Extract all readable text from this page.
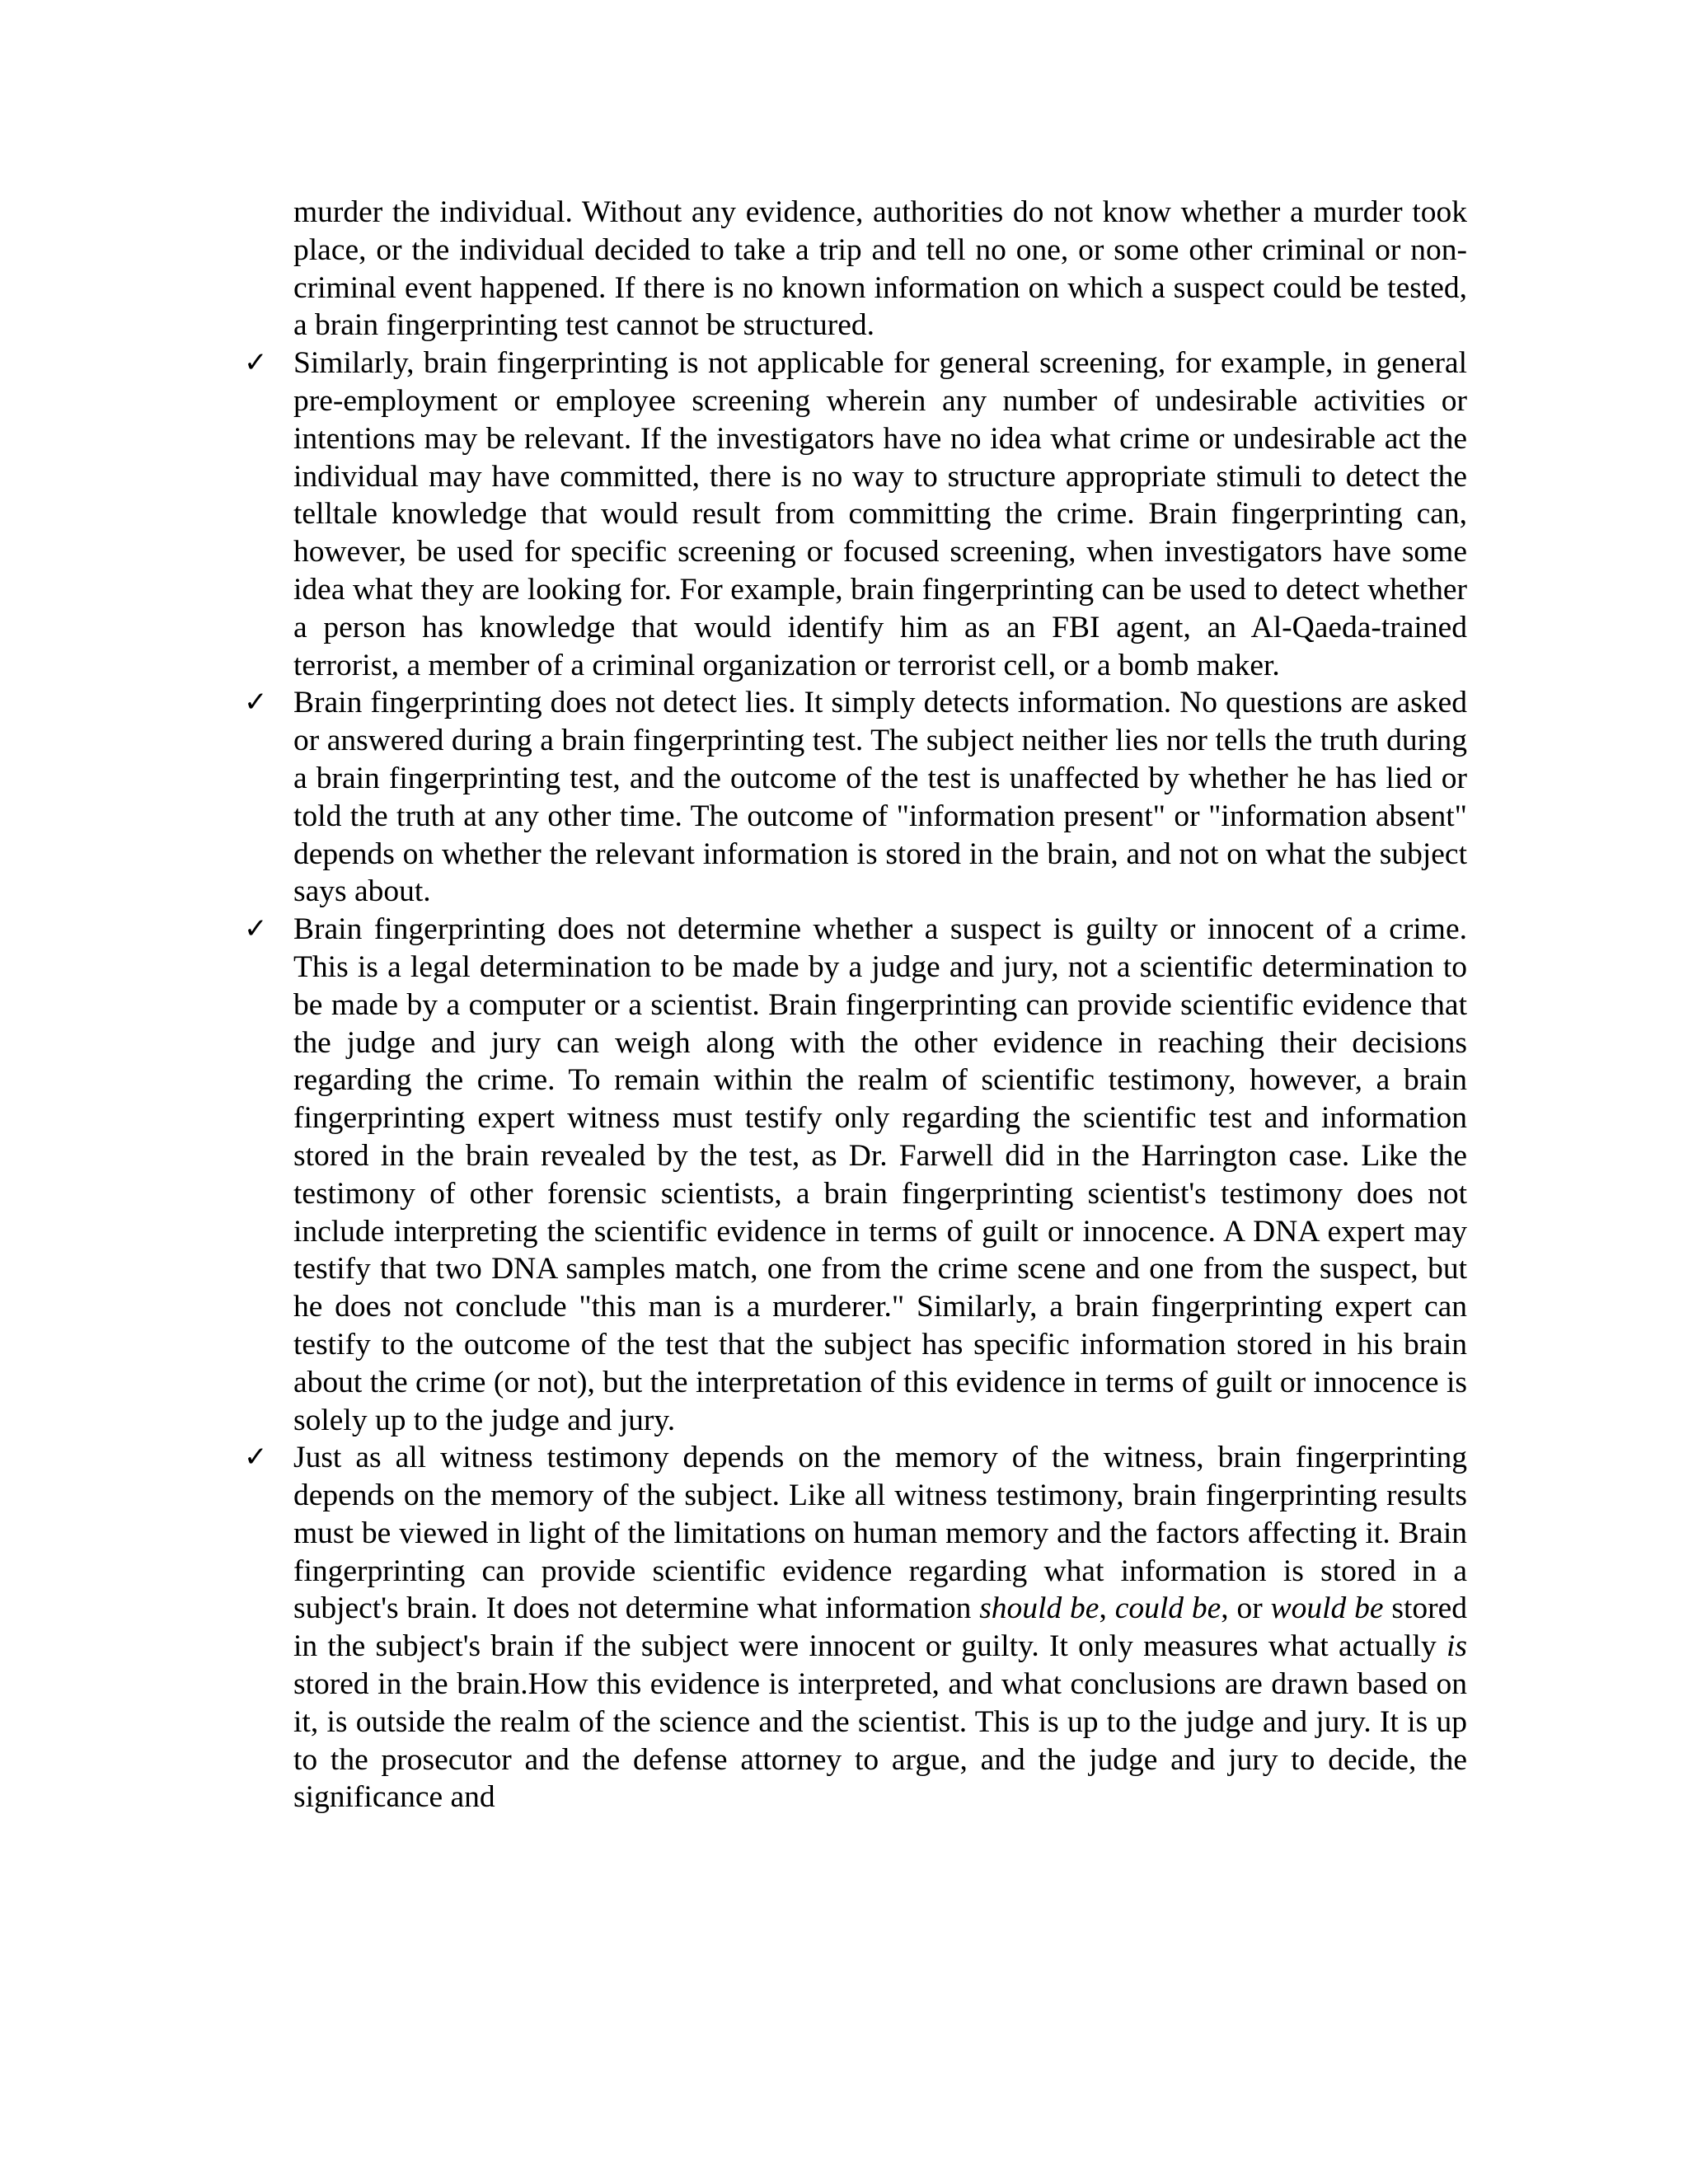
murder the individual. Without any evidence, authorities do not know whether a murder took place, or the individual decided to take a trip and tell no one, or some other criminal or non-criminal event happened. If there is no known information on which a suspect could be tested, a brain fingerprinting test cannot be structured.

✓ Similarly, brain fingerprinting is not applicable for general screening, for example, in general pre-employment or employee screening wherein any number of undesirable activities or intentions may be relevant. If the investigators have no idea what crime or undesirable act the individual may have committed, there is no way to structure appropriate stimuli to detect the telltale knowledge that would result from committing the crime. Brain fingerprinting can, however, be used for specific screening or focused screening, when investigators have some idea what they are looking for. For example, brain fingerprinting can be used to detect whether a person has knowledge that would identify him as an FBI agent, an Al-Qaeda-trained terrorist, a member of a criminal organization or terrorist cell, or a bomb maker.
✓ Brain fingerprinting does not detect lies. It simply detects information. No questions are asked or answered during a brain fingerprinting test. The subject neither lies nor tells the truth during a brain fingerprinting test, and the outcome of the test is unaffected by whether he has lied or told the truth at any other time. The outcome of "information present" or "information absent" depends on whether the relevant information is stored in the brain, and not on what the subject says about.
✓ Brain fingerprinting does not determine whether a suspect is guilty or innocent of a crime. This is a legal determination to be made by a judge and jury, not a scientific determination to be made by a computer or a scientist. Brain fingerprinting can provide scientific evidence that the judge and jury can weigh along with the other evidence in reaching their decisions regarding the crime. To remain within the realm of scientific testimony, however, a brain fingerprinting expert witness must testify only regarding the scientific test and information stored in the brain revealed by the test, as Dr. Farwell did in the Harrington case. Like the testimony of other forensic scientists, a brain fingerprinting scientist's testimony does not include interpreting the scientific evidence in terms of guilt or innocence. A DNA expert may testify that two DNA samples match, one from the crime scene and one from the suspect, but he does not conclude "this man is a murderer." Similarly, a brain fingerprinting expert can testify to the outcome of the test that the subject has specific information stored in his brain about the crime (or not), but the interpretation of this evidence in terms of guilt or innocence is solely up to the judge and jury.
✓ Just as all witness testimony depends on the memory of the witness, brain fingerprinting depends on the memory of the subject. Like all witness testimony, brain fingerprinting results must be viewed in light of the limitations on human memory and the factors affecting it. Brain fingerprinting can provide scientific evidence regarding what information is stored in a subject's brain. It does not determine what information should be, could be, or would be stored in the subject's brain if the subject were innocent or guilty. It only measures what actually is stored in the brain.How this evidence is interpreted, and what conclusions are drawn based on it, is outside the realm of the science and the scientist. This is up to the judge and jury. It is up to the prosecutor and the defense attorney to argue, and the judge and jury to decide, the significance and
